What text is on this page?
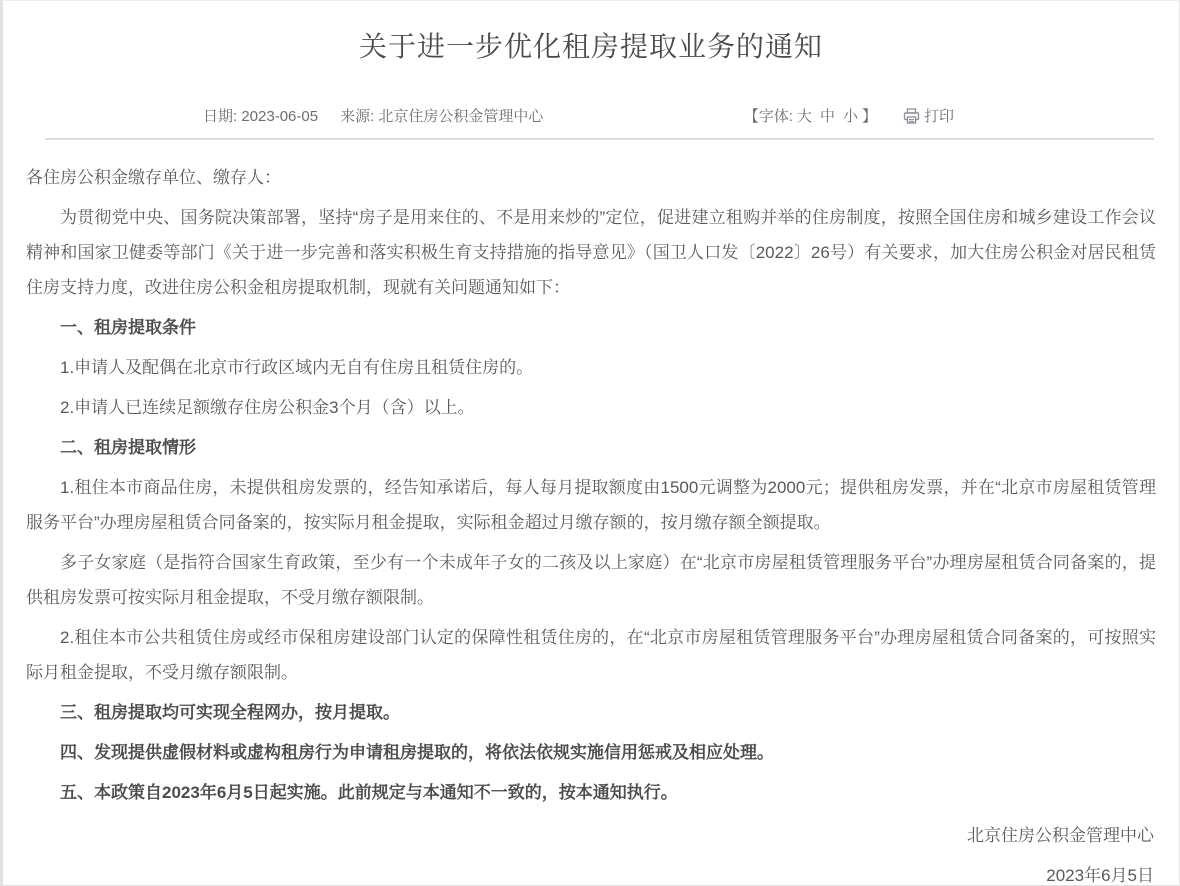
关于进一步优化租房提取业务的通知
日期: 2023-06-05 来源: 北京住房公积金管理中心	【字体: 大 中 小 】	打印

各住房公积金缴存单位、缴存人：

为贯彻党中央、国务院决策部署，坚持“房子是用来住的、不是用来炒的”定位，促进建立租购并举的住房制度，按照全国住房和城乡建设工作会议精神和国家卫健委等部门《关于进一步完善和落实积极生育支持措施的指导意见》（国卫人口发〔2022〕26号）有关要求，加大住房公积金对居民租赁住房支持力度，改进住房公积金租房提取机制，现就有关问题通知如下：

一、租房提取条件

1.申请人及配偶在北京市行政区域内无自有住房且租赁住房的。

2.申请人已连续足额缴存住房公积金3个月（含）以上。

二、租房提取情形

1.租住本市商品住房，未提供租房发票的，经告知承诺后，每人每月提取额度由1500元调整为2000元；提供租房发票，并在“北京市房屋租赁管理服务平台”办理房屋租赁合同备案的，按实际月租金提取，实际租金超过月缴存额的，按月缴存额全额提取。

多子女家庭（是指符合国家生育政策，至少有一个未成年子女的二孩及以上家庭）在“北京市房屋租赁管理服务平台”办理房屋租赁合同备案的，提供租房发票可按实际月租金提取，不受月缴存额限制。

2.租住本市公共租赁住房或经市保租房建设部门认定的保障性租赁住房的，在“北京市房屋租赁管理服务平台”办理房屋租赁合同备案的，可按照实际月租金提取，不受月缴存额限制。

三、租房提取均可实现全程网办，按月提取。

四、发现提供虚假材料或虚构租房行为申请租房提取的，将依法依规实施信用惩戒及相应处理。

五、本政策自2023年6月5日起实施。此前规定与本通知不一致的，按本通知执行。

北京住房公积金管理中心
2023年6月5日
